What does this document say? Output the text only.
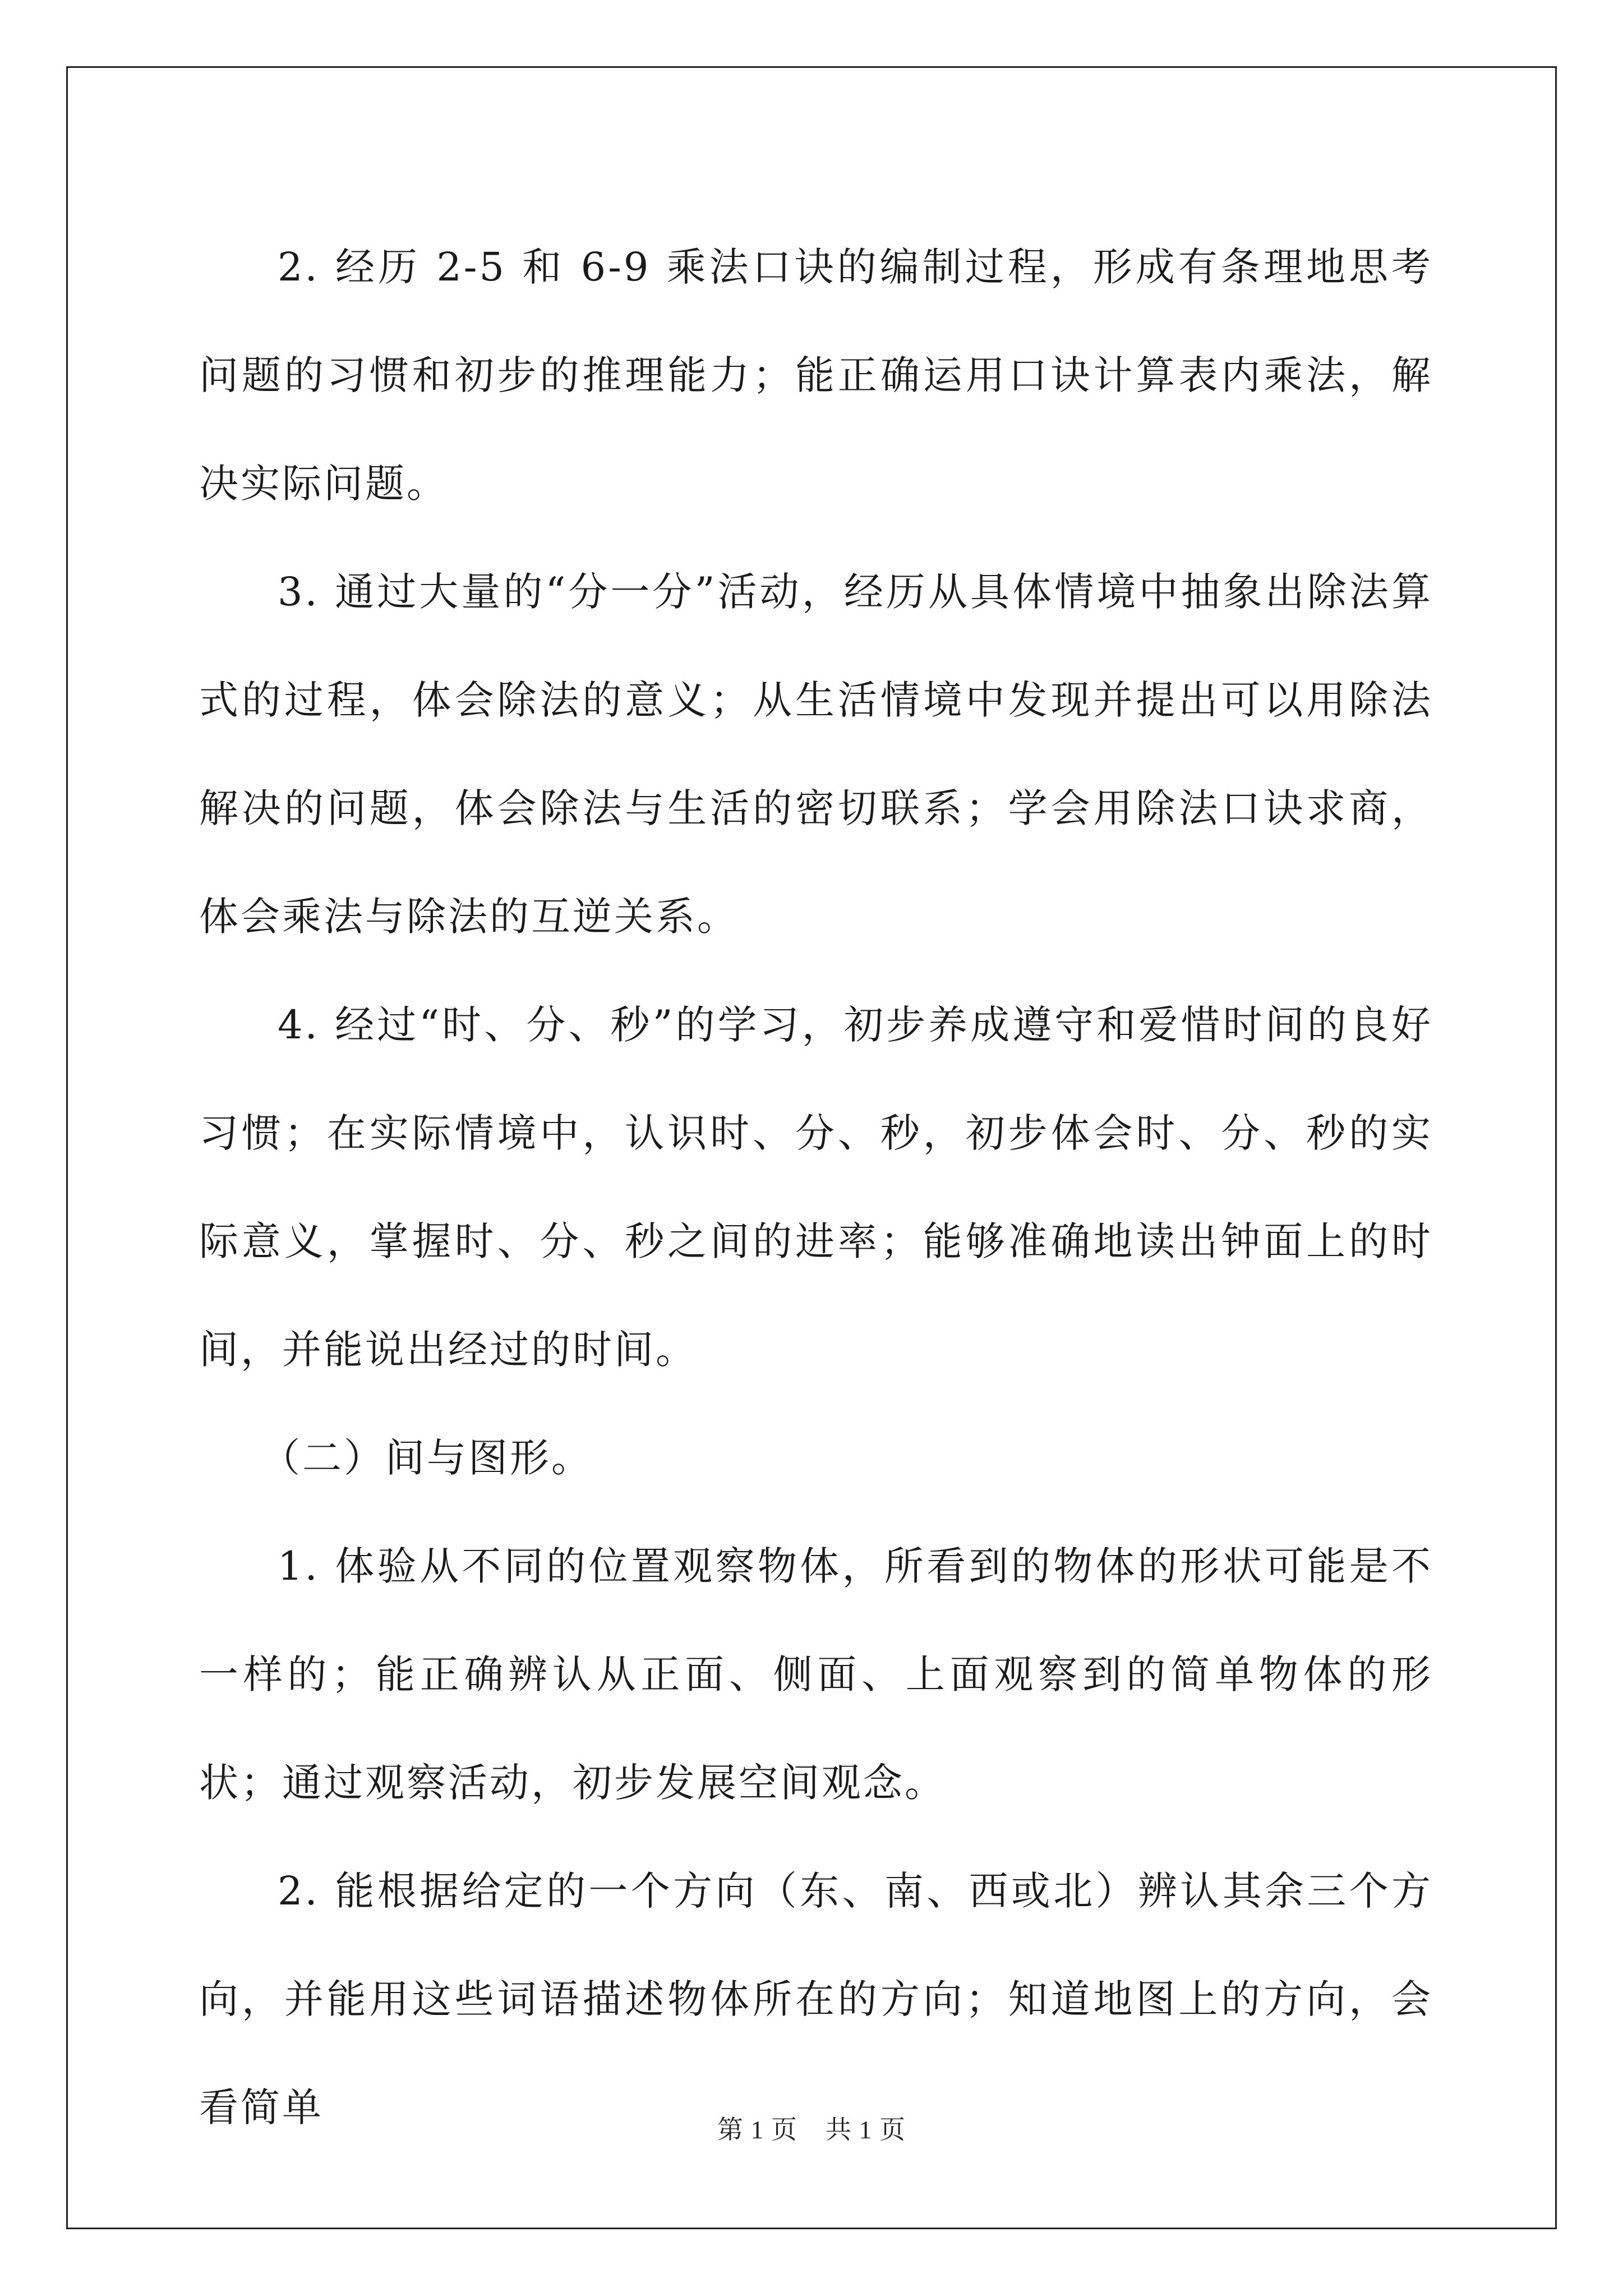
2. 经历 2-5 和 6-9 乘法口诀的编制过程，形成有条理地思考问题的习惯和初步的推理能力；能正确运用口诀计算表内乘法，解决实际问题。

3. 通过大量的“分一分”活动，经历从具体情境中抽象出除法算式的过程，体会除法的意义；从生活情境中发现并提出可以用除法解决的问题，体会除法与生活的密切联系；学会用除法口诀求商，体会乘法与除法的互逆关系。

4. 经过“时、分、秒”的学习，初步养成遵守和爱惜时间的良好习惯；在实际情境中，认识时、分、秒，初步体会时、分、秒的实际意义，掌握时、分、秒之间的进率；能够准确地读出钟面上的时间，并能说出经过的时间。

（二）间与图形。

1. 体验从不同的位置观察物体，所看到的物体的形状可能是不一样的；能正确辨认从正面、侧面、上面观察到的简单物体的形状；通过观察活动，初步发展空间观念。

2. 能根据给定的一个方向（东、南、西或北）辨认其余三个方向，并能用这些词语描述物体所在的方向；知道地图上的方向，会看简单	第 1 页 共 1 页
